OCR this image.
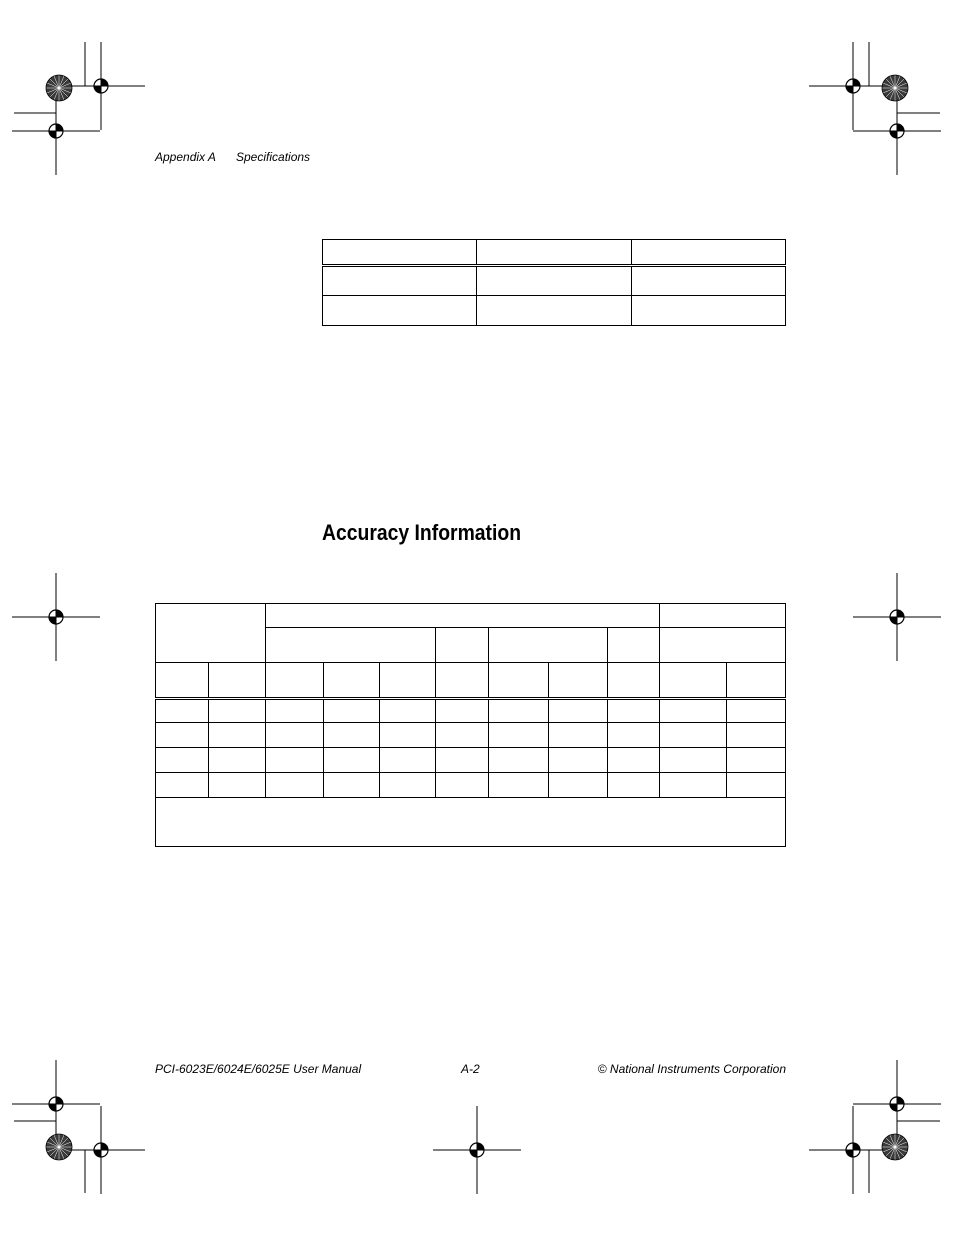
Appendix A Specifications

Accuracy Information

PCI-6023E/6024E/6025E User Manual	A-2	© National Instruments Corporation
